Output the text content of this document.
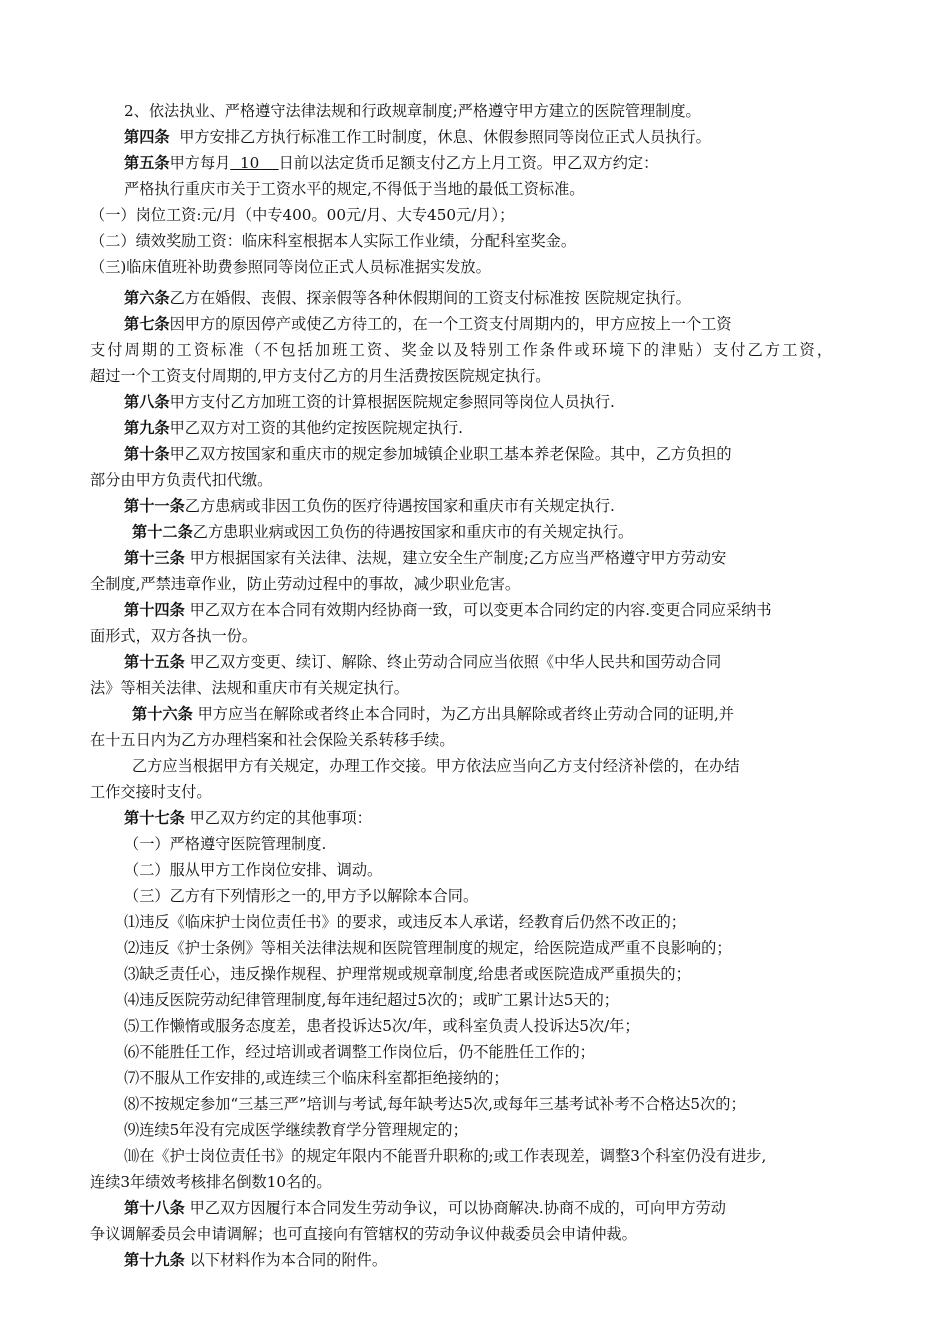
2、依法执业、严格遵守法律法规和行政规章制度;严格遵守甲方建立的医院管理制度。
第四条 甲方安排乙方执行标准工作工时制度，休息、休假参照同等岗位正式人员执行。
第五条甲方每月 10 日前以法定货币足额支付乙方上月工资。甲乙双方约定：
严格执行重庆市关于工资水平的规定,不得低于当地的最低工资标准。
（一）岗位工资:元/月（中专400。00元/月、大专450元/月）；
（二）绩效奖励工资：临床科室根据本人实际工作业绩，分配科室奖金。
（三)临床值班补助费参照同等岗位正式人员标准据实发放。
第六条乙方在婚假、丧假、探亲假等各种休假期间的工资支付标准按 医院规定执行。
第七条因甲方的原因停产或使乙方待工的，在一个工资支付周期内的，甲方应按上一个工资
支付周期的工资标准（不包括加班工资、奖金以及特别工作条件或环境下的津贴）支付乙方工资，
超过一个工资支付周期的,甲方支付乙方的月生活费按医院规定执行。
第八条甲方支付乙方加班工资的计算根据医院规定参照同等岗位人员执行.
第九条甲乙双方对工资的其他约定按医院规定执行.
第十条甲乙双方按国家和重庆市的规定参加城镇企业职工基本养老保险。其中，乙方负担的
部分由甲方负责代扣代缴。
第十一条乙方患病或非因工负伤的医疗待遇按国家和重庆市有关规定执行.
第十二条乙方患职业病或因工负伤的待遇按国家和重庆市的有关规定执行。
第十三条 甲方根据国家有关法律、法规，建立安全生产制度;乙方应当严格遵守甲方劳动安
全制度,严禁违章作业，防止劳动过程中的事故，减少职业危害。
第十四条 甲乙双方在本合同有效期内经协商一致，可以变更本合同约定的内容.变更合同应采纳书
面形式，双方各执一份。
第十五条 甲乙双方变更、续订、解除、终止劳动合同应当依照《中华人民共和国劳动合同
法》等相关法律、法规和重庆市有关规定执行。
第十六条 甲方应当在解除或者终止本合同时，为乙方出具解除或者终止劳动合同的证明,并
在十五日内为乙方办理档案和社会保险关系转移手续。
乙方应当根据甲方有关规定，办理工作交接。甲方依法应当向乙方支付经济补偿的，在办结
工作交接时支付。
第十七条 甲乙双方约定的其他事项：
（一）严格遵守医院管理制度.
（二）服从甲方工作岗位安排、调动。
（三）乙方有下列情形之一的,甲方予以解除本合同。
⑴违反《临床护士岗位责任书》的要求，或违反本人承诺，经教育后仍然不改正的；
⑵违反《护士条例》等相关法律法规和医院管理制度的规定，给医院造成严重不良影响的；
⑶缺乏责任心，违反操作规程、护理常规或规章制度,给患者或医院造成严重损失的；
⑷违反医院劳动纪律管理制度,每年违纪超过5次的；或旷工累计达5天的；
⑸工作懒惰或服务态度差，患者投诉达5次/年，或科室负责人投诉达5次/年；
⑹不能胜任工作，经过培训或者调整工作岗位后，仍不能胜任工作的；
⑺不服从工作安排的,或连续三个临床科室都拒绝接纳的；
⑻不按规定参加“三基三严”培训与考试,每年缺考达5次,或每年三基考试补考不合格达5次的；
⑼连续5年没有完成医学继续教育学分管理规定的；
⑽在《护士岗位责任书》的规定年限内不能晋升职称的;或工作表现差，调整3个科室仍没有进步,
连续3年绩效考核排名倒数10名的。
第十八条 甲乙双方因履行本合同发生劳动争议，可以协商解决.协商不成的，可向甲方劳动
争议调解委员会申请调解；也可直接向有管辖权的劳动争议仲裁委员会申请仲裁。
第十九条 以下材料作为本合同的附件。
